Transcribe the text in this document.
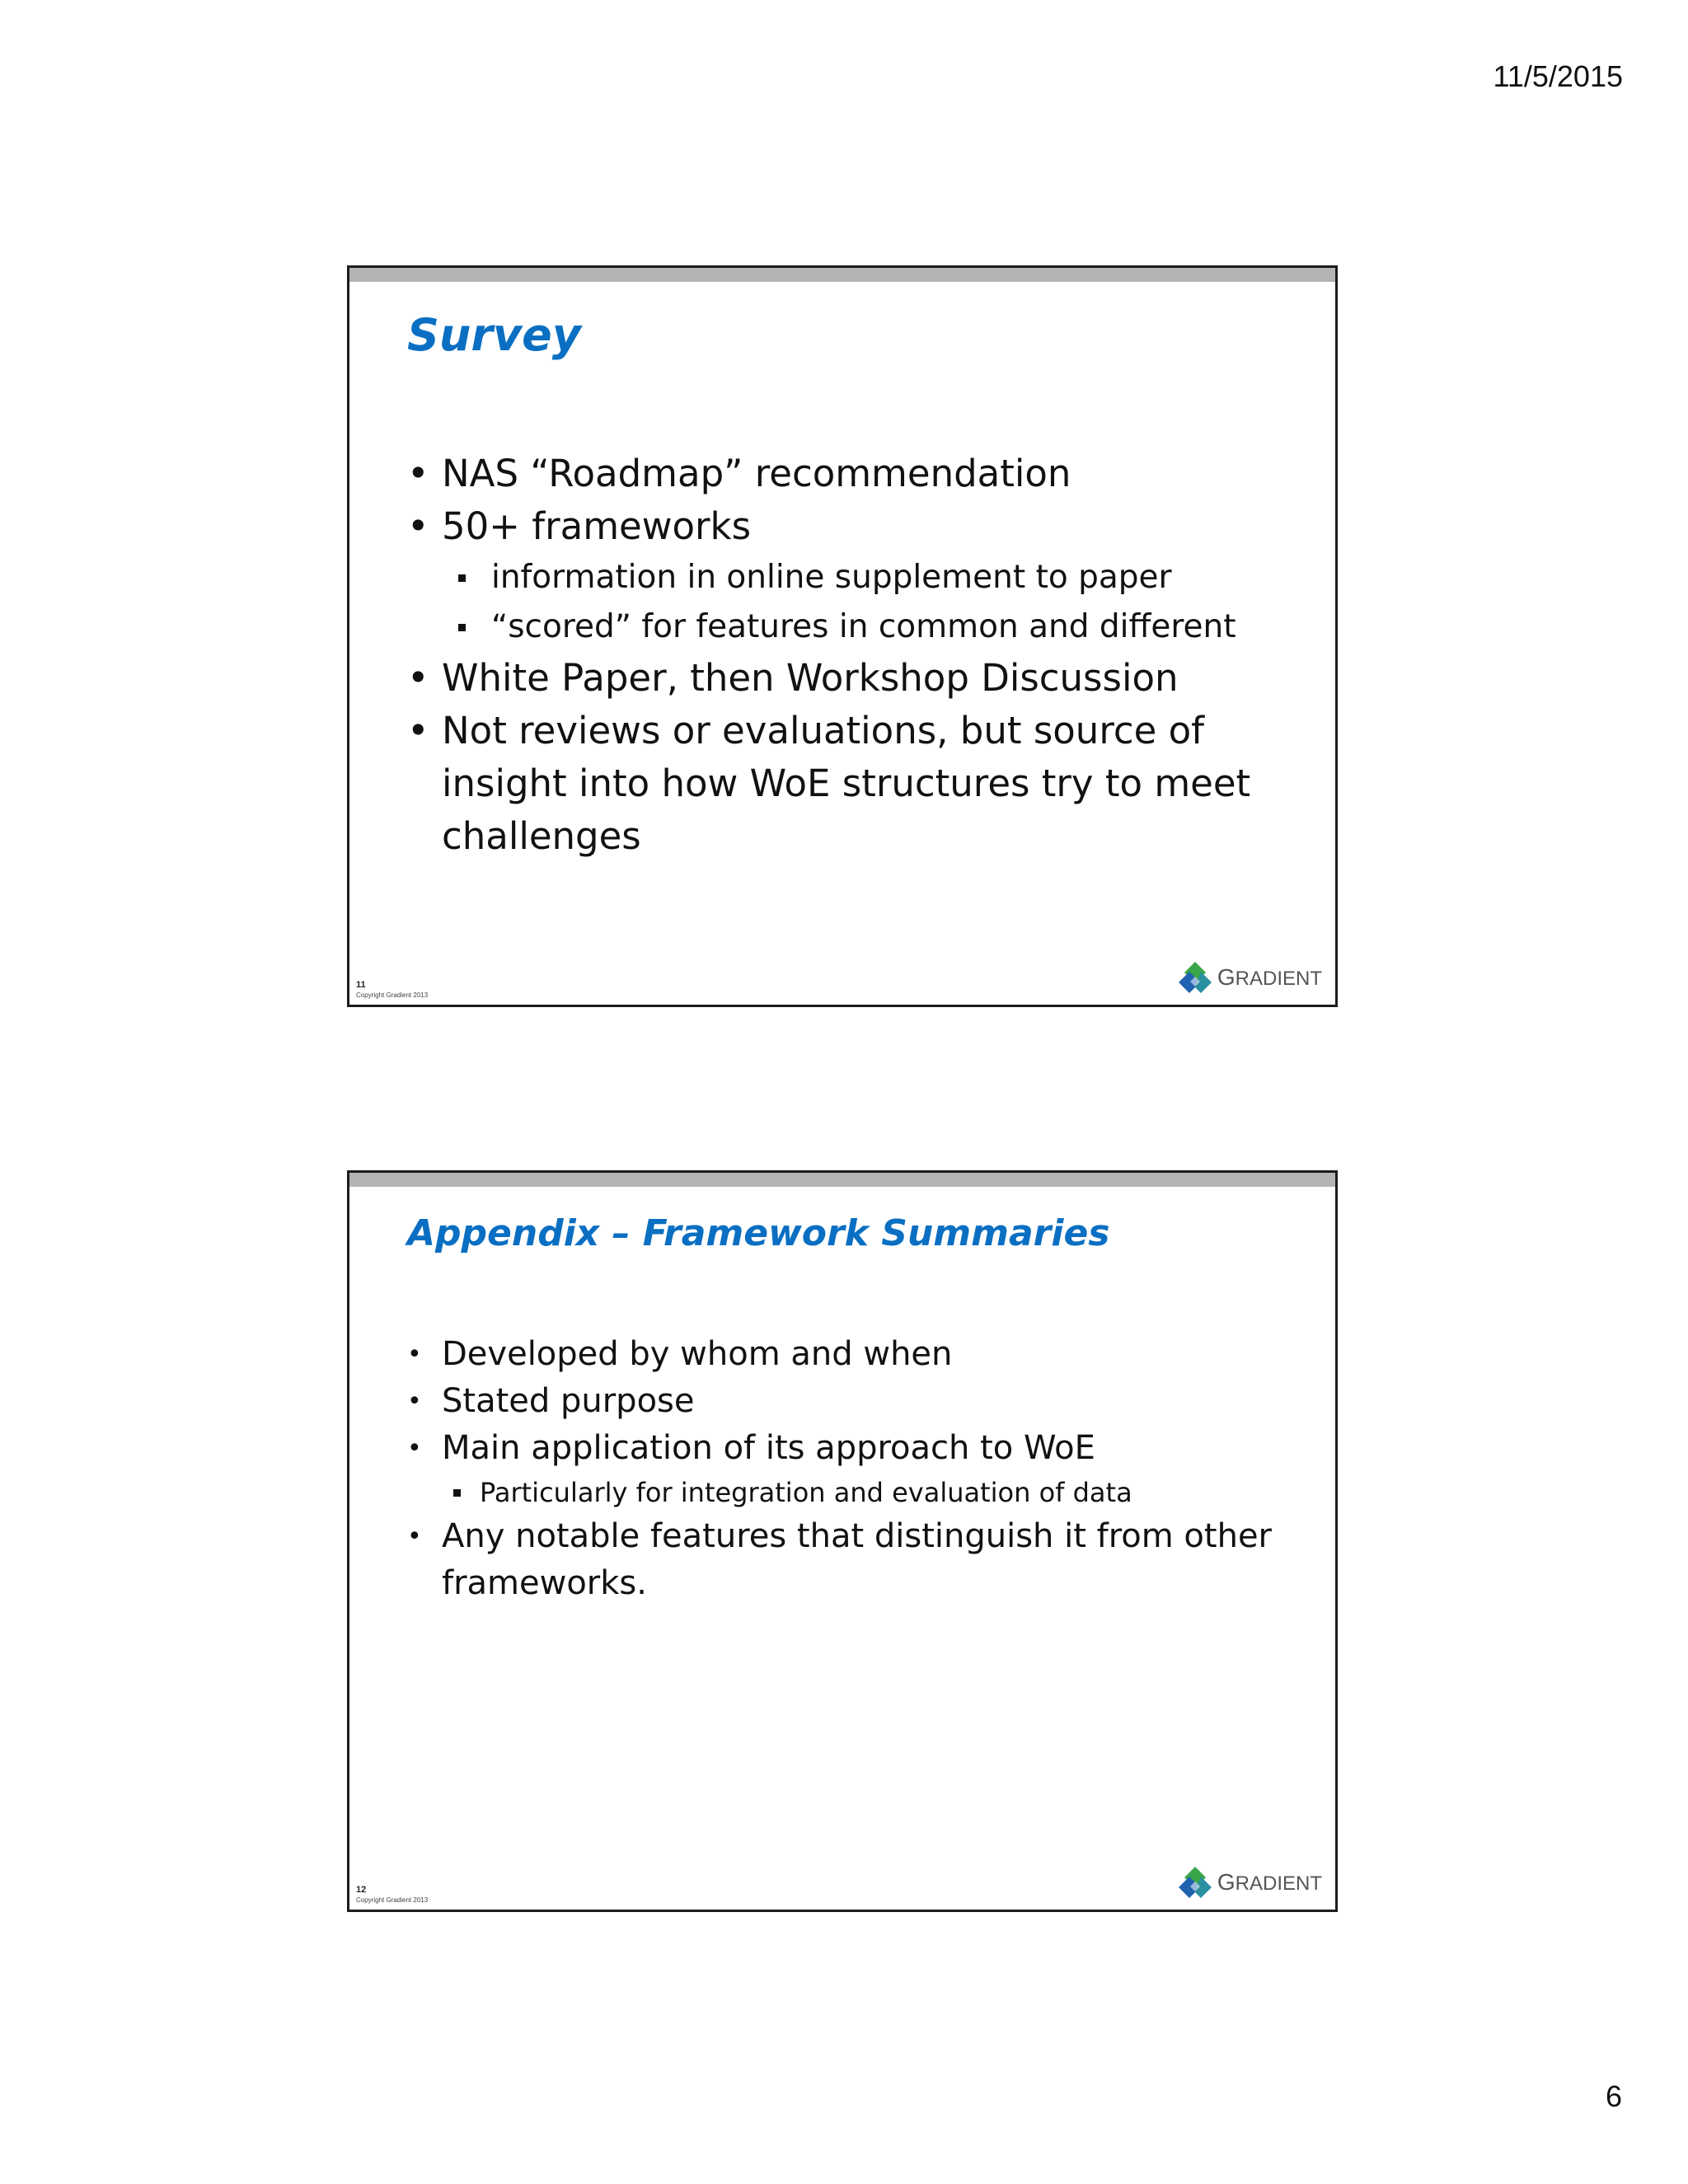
11/5/2015
Survey
• NAS “Roadmap” recommendation
• 50+ frameworks
information in online supplement to paper
“scored” for features in common and different
• White Paper, then Workshop Discussion
• Not reviews or evaluations, but source of insight into how WoE structures try to meet challenges
11
Copyright Gradient 2013
GRADIENT
Appendix – Framework Summaries
• Developed by whom and when
• Stated purpose
• Main application of its approach to WoE
Particularly for integration and evaluation of data
• Any notable features that distinguish it from other frameworks.
12
Copyright Gradient 2013
GRADIENT
6
